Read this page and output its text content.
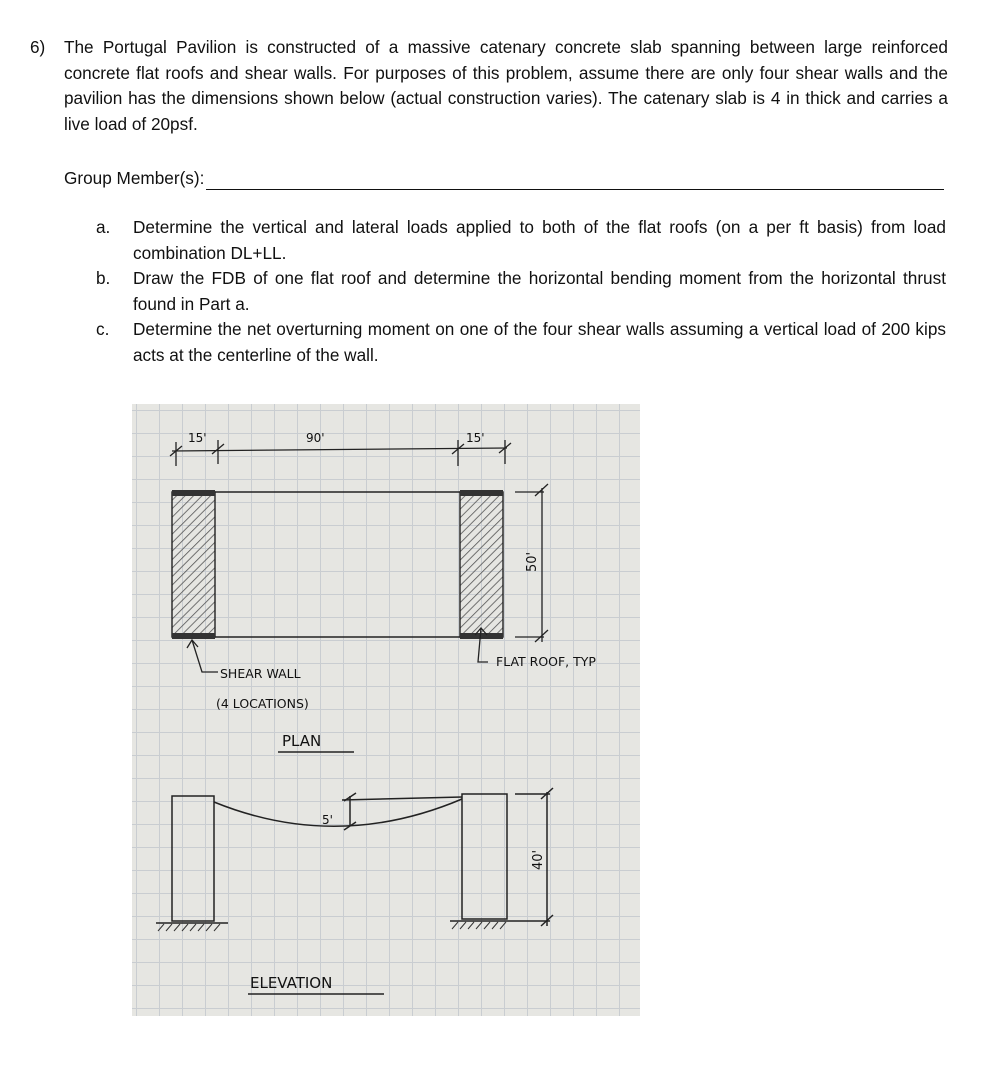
6) The Portugal Pavilion is constructed of a massive catenary concrete slab spanning between large reinforced concrete flat roofs and shear walls. For purposes of this problem, assume there are only four shear walls and the pavilion has the dimensions shown below (actual construction varies). The catenary slab is 4 in thick and carries a live load of 20psf.
Group Member(s):
a.	Determine the vertical and lateral loads applied to both of the flat roofs (on a per ft basis) from load combination DL+LL.
b.	Draw the FDB of one flat roof and determine the horizontal bending moment from the horizontal thrust found in Part a.
c.	Determine the net overturning moment on one of the four shear walls assuming a vertical load of 200 kips acts at the centerline of the wall.
15'	90'	15'
50'
SHEAR WALL
(4 LOCATIONS)
PLAN
FLAT ROOF, TYP
5'
40'
ELEVATION
